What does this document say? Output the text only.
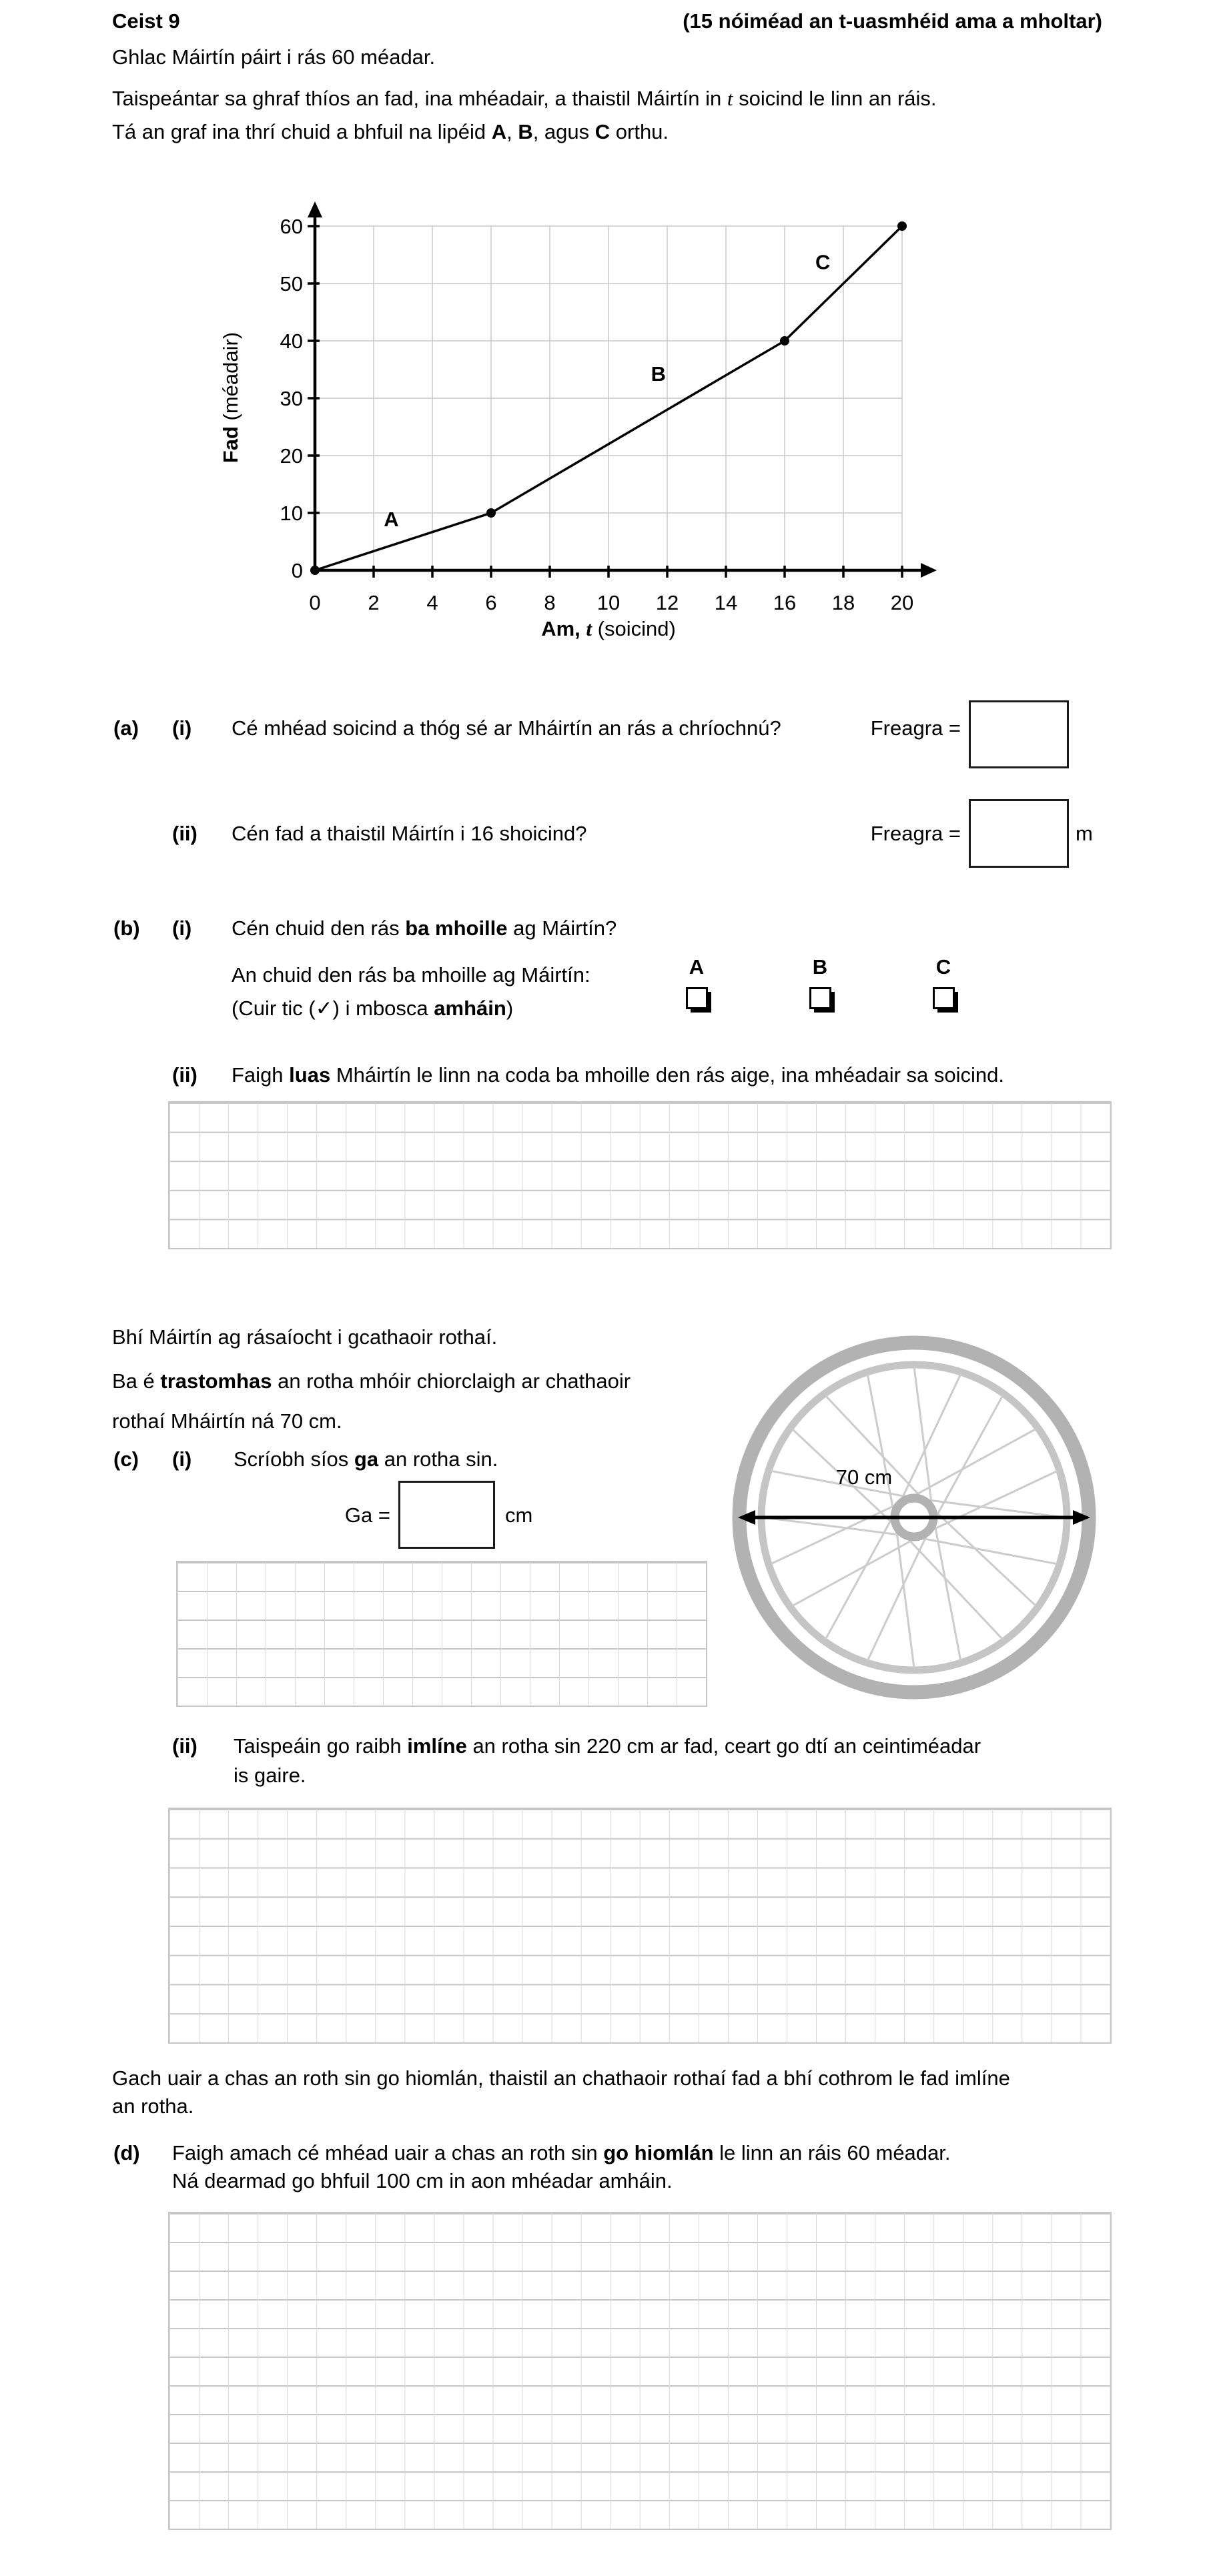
Ceist 9	(15 nóiméad an t-uasmhéid ama a mholtar)
Ghlac Máirtín páirt i rás 60 méadar.
Taispeántar sa ghraf thíos an fad, ina mhéadair, a thaistil Máirtín in t soicind le linn an ráis.
Tá an graf ina thrí chuid a bhfuil na lipéid A, B, agus C orthu.
0 2 4 6 8 10 12 14 16 18 20
0
10
20
30
40
50
60
A
B
C
Am, t (soicind)
Fad (méadair)
(a) (i) Cé mhéad soicind a thóg sé ar Mháirtín an rás a chríochnú?	Freagra =
(ii) Cén fad a thaistil Máirtín i 16 shoicind?	Freagra =	m
(b) (i) Cén chuid den rás ba mhoille ag Máirtín?
An chuid den rás ba mhoille ag Máirtín:
(Cuir tic (✓) i mbosca amháin)
A	B	C
(ii) Faigh luas Mháirtín le linn na coda ba mhoille den rás aige, ina mhéadair sa soicind.
Bhí Máirtín ag rásaíocht i gcathaoir rothaí.
Ba é trastomhas an rotha mhóir chiorclaigh ar chathaoir
rothaí Mháirtín ná 70 cm.
70 cm
(c) (i) Scríobh síos ga an rotha sin.
Ga =	cm
(ii) Taispeáin go raibh imlíne an rotha sin 220 cm ar fad, ceart go dtí an ceintiméadar
is gaire.
Gach uair a chas an roth sin go hiomlán, thaistil an chathaoir rothaí fad a bhí cothrom le fad imlíne
an rotha.
(d) Faigh amach cé mhéad uair a chas an roth sin go hiomlán le linn an ráis 60 méadar.
Ná dearmad go bhfuil 100 cm in aon mhéadar amháin.
